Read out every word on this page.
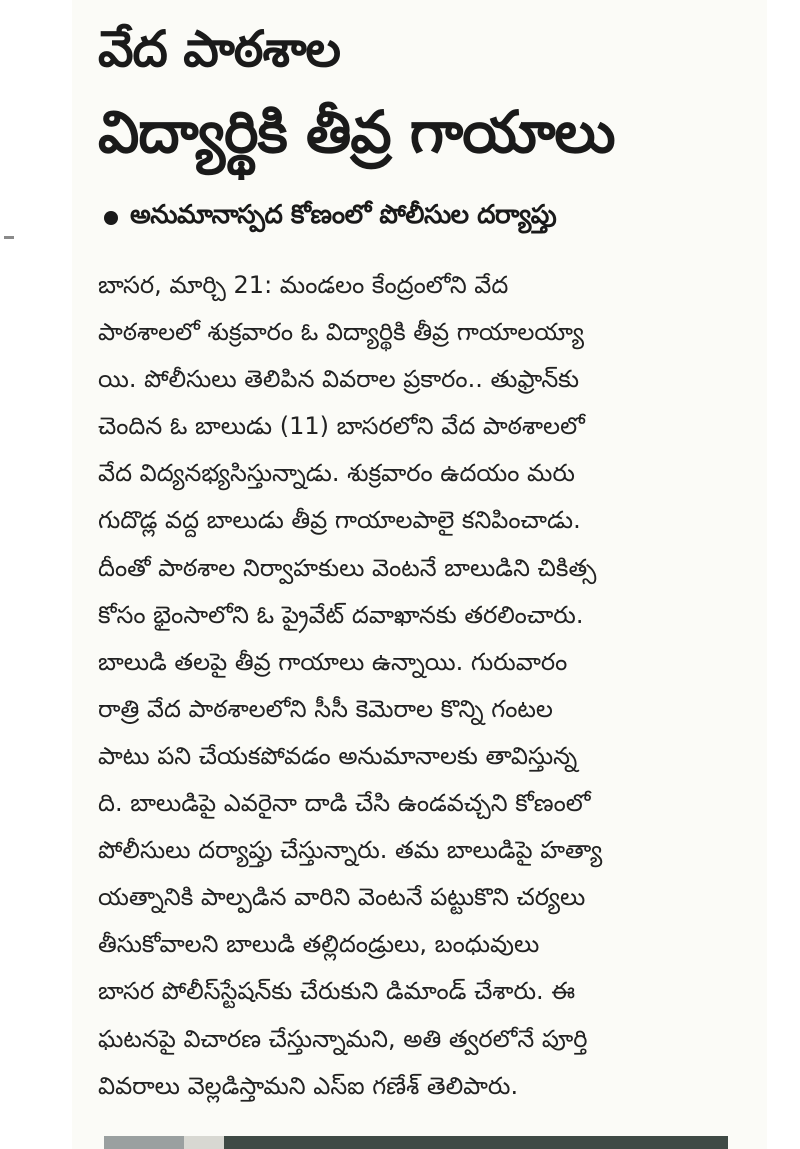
వేద పాఠశాల
విద్యార్థికి తీవ్ర గాయాలు
అనుమానాస్పద కోణంలో పోలీసుల దర్యాప్తు
బాసర, మార్చి 21: మండలం కేంద్రంలోని వేద
పాఠశాలలో శుక్రవారం ఓ విద్యార్థికి తీవ్ర గాయాలయ్యా
యి. పోలీసులు తెలిపిన వివరాల ప్రకారం.. తుఫ్రాన్‌కు
చెందిన ఓ బాలుడు (11) బాసరలోని వేద పాఠశాలలో
వేద విద్యనభ్యసిస్తున్నాడు. శుక్రవారం ఉదయం మరు
గుదొడ్ల వద్ద బాలుడు తీవ్ర గాయాలపాలై కనిపించాడు.
దీంతో పాఠశాల నిర్వాహకులు వెంటనే బాలుడిని చికిత్స
కోసం భైంసాలోని ఓ ప్రైవేట్ దవాఖానకు తరలించారు.
బాలుడి తలపై తీవ్ర గాయాలు ఉన్నాయి. గురువారం
రాత్రి వేద పాఠశాలలోని సీసీ కెమెరాల కొన్ని గంటల
పాటు పని చేయకపోవడం అనుమానాలకు తావిస్తున్న
ది. బాలుడిపై ఎవరైనా దాడి చేసి ఉండవచ్చని కోణంలో
పోలీసులు దర్యాప్తు చేస్తున్నారు. తమ బాలుడిపై హత్యా
యత్నానికి పాల్పడిన వారిని వెంటనే పట్టుకొని చర్యలు
తీసుకోవాలని బాలుడి తల్లిదండ్రులు, బంధువులు
బాసర పోలీస్‌స్టేషన్‌కు చేరుకుని డిమాండ్ చేశారు. ఈ
ఘటనపై విచారణ చేస్తున్నామని, అతి త్వరలోనే పూర్తి
వివరాలు వెల్లడిస్తామని ఎస్ఐ గణేశ్ తెలిపారు.
